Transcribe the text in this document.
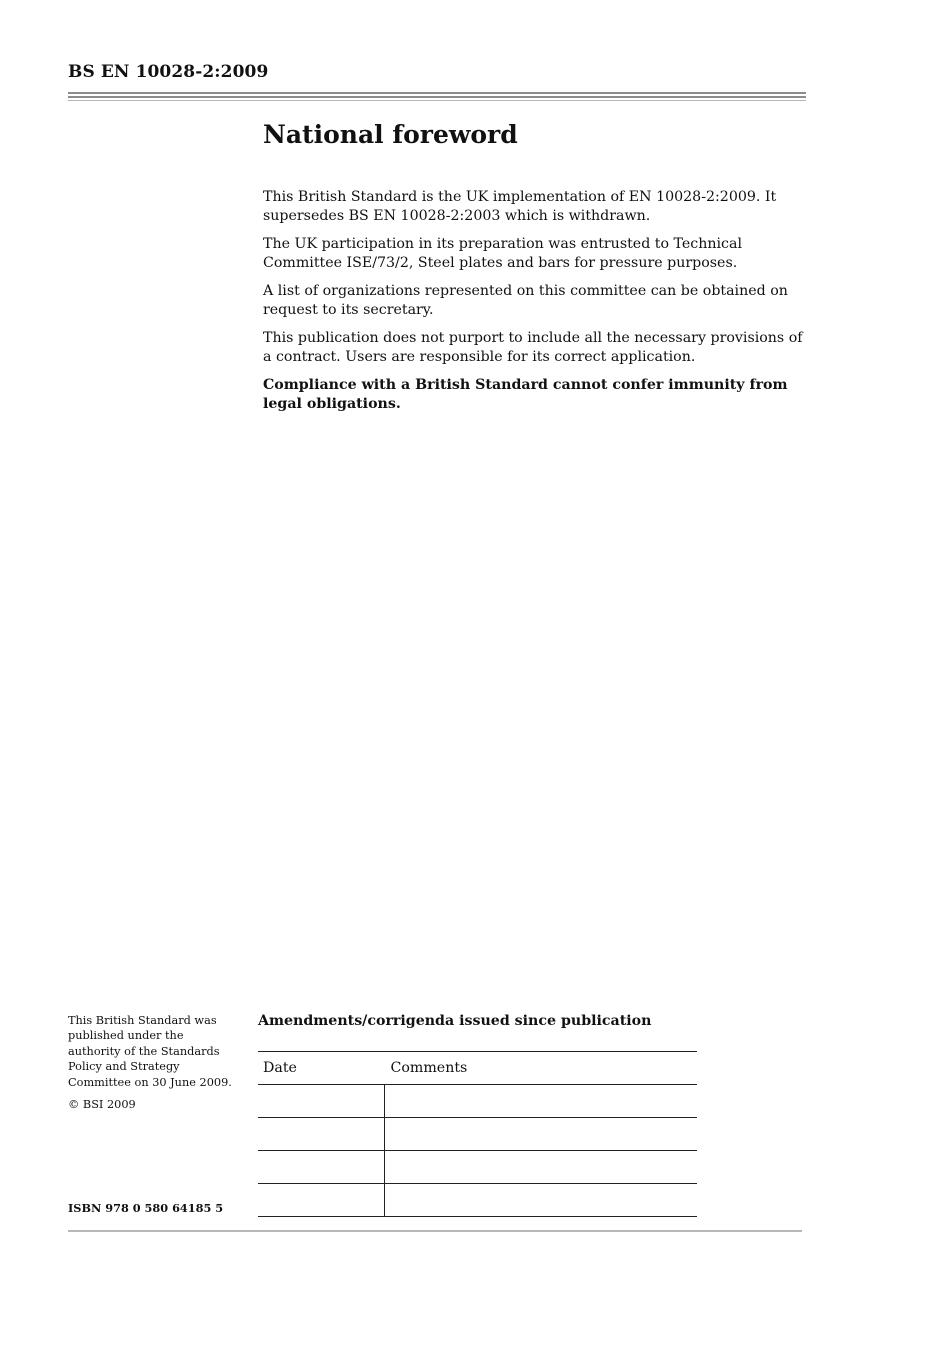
BS EN 10028-2:2009
National foreword

This British Standard is the UK implementation of EN 10028-2:2009. It supersedes BS EN 10028-2:2003 which is withdrawn.

The UK participation in its preparation was entrusted to Technical Committee ISE/73/2, Steel plates and bars for pressure purposes.

A list of organizations represented on this committee can be obtained on request to its secretary.

This publication does not purport to include all the necessary provisions of a contract. Users are responsible for its correct application.

Compliance with a British Standard cannot confer immunity from legal obligations.

This British Standard was published under the authority of the Standards Policy and Strategy Committee on 30 June 2009.

© BSI 2009

ISBN 978 0 580 64185 5
Amendments/corrigenda issued since publication
Date	Comments
